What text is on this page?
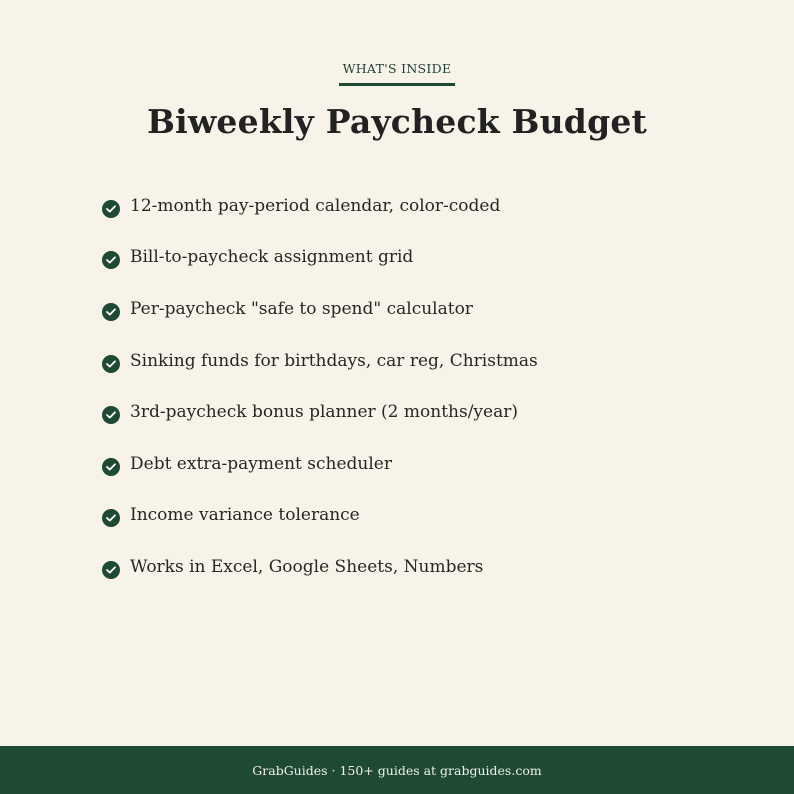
WHAT'S INSIDE
Biweekly Paycheck Budget
12-month pay-period calendar, color-coded
Bill-to-paycheck assignment grid
Per-paycheck "safe to spend" calculator
Sinking funds for birthdays, car reg, Christmas
3rd-paycheck bonus planner (2 months/year)
Debt extra-payment scheduler
Income variance tolerance
Works in Excel, Google Sheets, Numbers
GrabGuides · 150+ guides at grabguides.com
